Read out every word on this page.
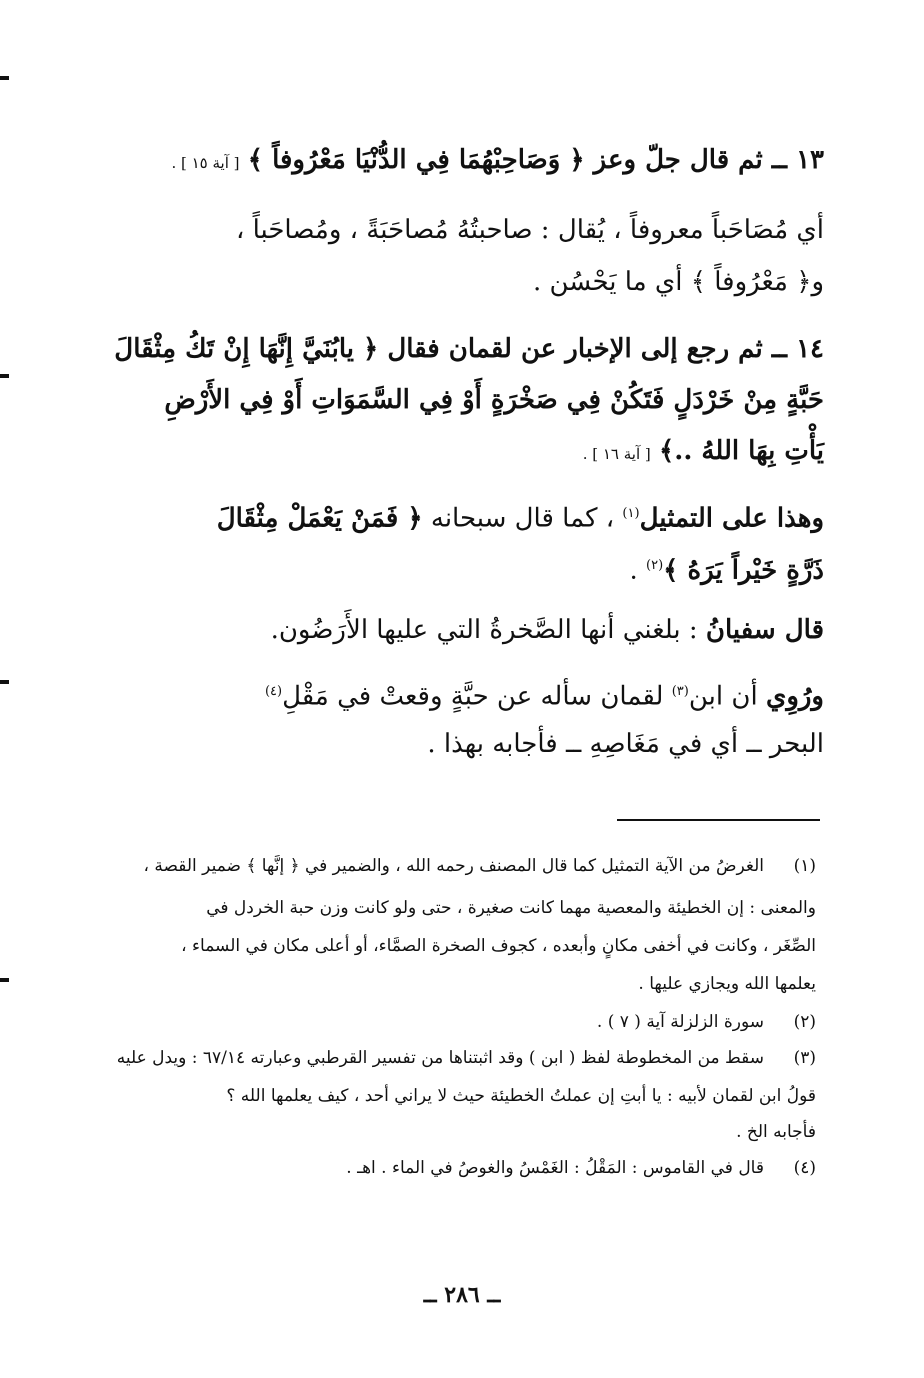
١٣ ــ ثم قال جلّ وعز ﴿ وَصَاحِبْهُمَا فِي الدُّنْيَا مَعْرُوفاً ﴾ [ آية ١٥ ] .
أي مُصَاحَباً معروفاً ، يُقال : صاحبتُهُ مُصاحَبَةً ، ومُصاحَباً ،
و﴿ مَعْرُوفاً ﴾ أي ما يَحْسُن .
١٤ ــ ثم رجع إلى الإخبار عن لقمان فقال ﴿ يابُنَيَّ إِنَّهَا إِنْ تَكُ مِثْقَالَ
حَبَّةٍ مِنْ خَرْدَلٍ فَتَكُنْ فِي صَخْرَةٍ أَوْ فِي السَّمَوَاتِ أَوْ فِي الأَرْضِ
يَأْتِ بِهَا اللهُ ..﴾ [ آية ١٦ ] .
وهذا على التمثيل$^{(١)}$ ، كما قال سبحانه ﴿ فَمَنْ يَعْمَلْ مِثْقَالَ
ذَرَّةٍ خَيْراً يَرَهُ ﴾$^{(٢)}$ .
قال سفيانُ : بلغني أنها الصَّخرةُ التي عليها الأَرَضُون.
ورُوِي أن ابن$^{(٣)}$ لقمان سأله عن حبَّةٍ وقعتْ في مَقْلِ$^{(٤)}$
البحر ــ أي في مَغَاصِهِ ــ فأجابه بهذا .
(١)
الغرضُ من الآية التمثيل كما قال المصنف رحمه الله ، والضمير في ﴿ إنَّها ﴾ ضمير القصة ،
والمعنى : إن الخطيئة والمعصية مهما كانت صغيرة ، حتى ولو كانت وزن حبة الخردل في
الصِّغَر ، وكانت في أخفى مكانٍ وأبعده ، كجوف الصخرة الصمَّاء، أو أعلى مكان في السماء ،
يعلمها الله ويجازي عليها .
(٢)
سورة الزلزلة آية ( ٧ ) .
(٣)
سقط من المخطوطة لفظ ( ابن ) وقد اثبتناها من تفسير القرطبي وعبارته ٦٧/١٤ : ويدل عليه
قولُ ابن لقمان لأبيه : يا أبتِ إن عملتُ الخطيئة حيث لا يراني أحد ، كيف يعلمها الله ؟
فأجابه الخ .
(٤)
قال في القاموس : المَقْلُ : الغَمْسُ والغوصُ في الماء . اهـ .
ــ ٢٨٦ ــ
